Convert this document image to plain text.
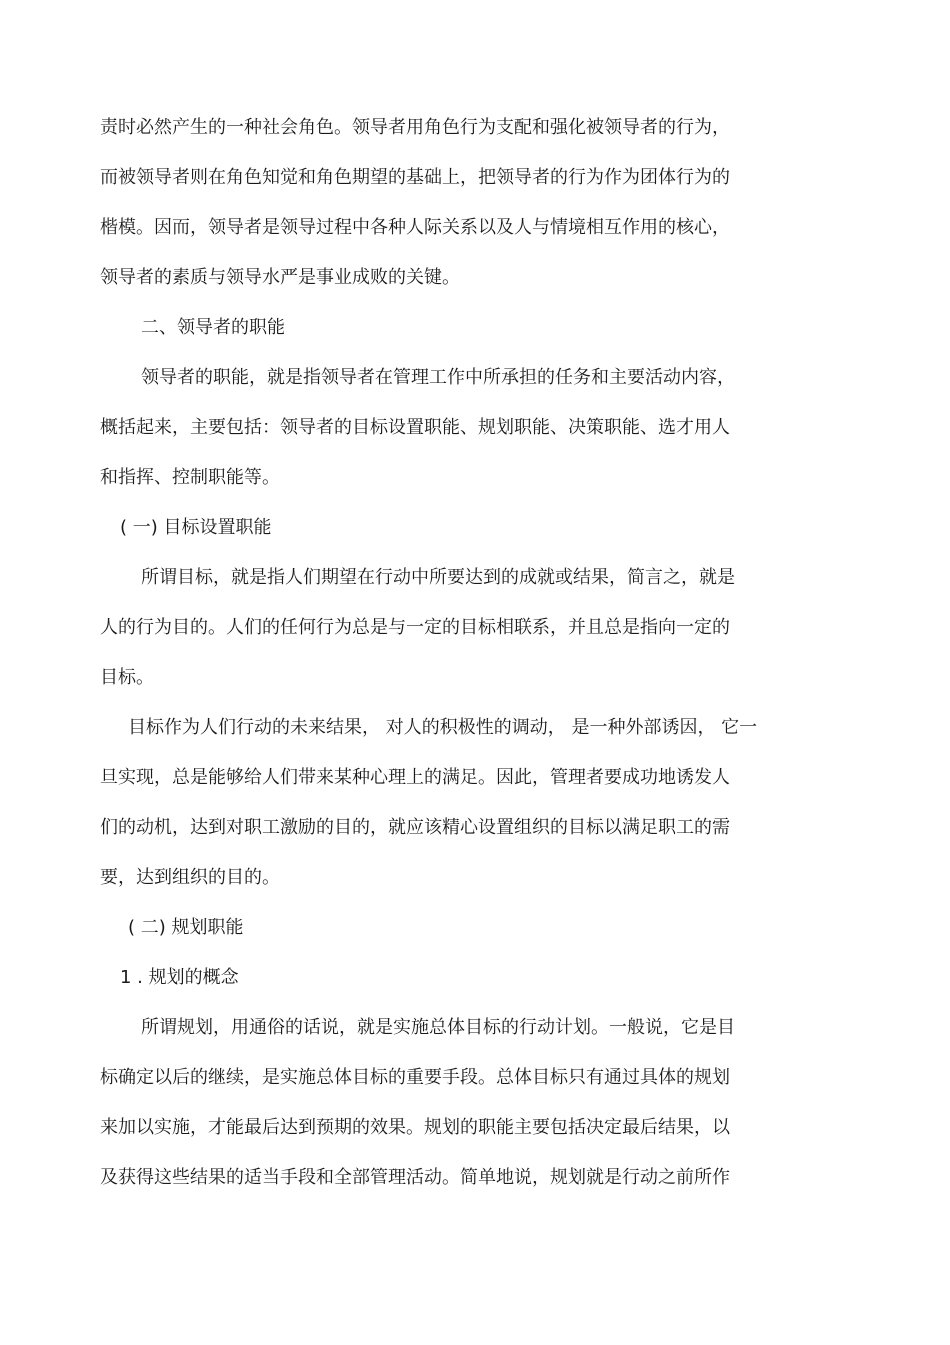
责时必然产生的一种社会角色。领导者用角色行为支配和强化被领导者的行为，
而被领导者则在角色知觉和角色期望的基础上，把领导者的行为作为团体行为的
楷模。因而，领导者是领导过程中各种人际关系以及人与情境相互作用的核心，
领导者的素质与领导水严是事业成败的关键。
二、领导者的职能
领导者的职能，就是指领导者在管理工作中所承担的任务和主要活动内容，
概括起来，主要包括：领导者的目标设置职能、规划职能、决策职能、选才用人
和指挥、控制职能等。
( 一) 目标设置职能
所谓目标，就是指人们期望在行动中所要达到的成就或结果，简言之，就是
人的行为目的。人们的任何行为总是与一定的目标相联系，并且总是指向一定的
目标。
目标作为人们行动的未来结果， 对人的积极性的调动， 是一种外部诱因， 它一
旦实现，总是能够给人们带来某种心理上的满足。因此，管理者要成功地诱发人
们的动机，达到对职工激励的目的，就应该精心设置组织的目标以满足职工的需
要，达到组织的目的。
( 二) 规划职能
1 . 规划的概念
所谓规划，用通俗的话说，就是实施总体目标的行动计划。一般说，它是目
标确定以后的继续，是实施总体目标的重要手段。总体目标只有通过具体的规划
来加以实施，才能最后达到预期的效果。规划的职能主要包括决定最后结果，以
及获得这些结果的适当手段和全部管理活动。简单地说，规划就是行动之前所作
